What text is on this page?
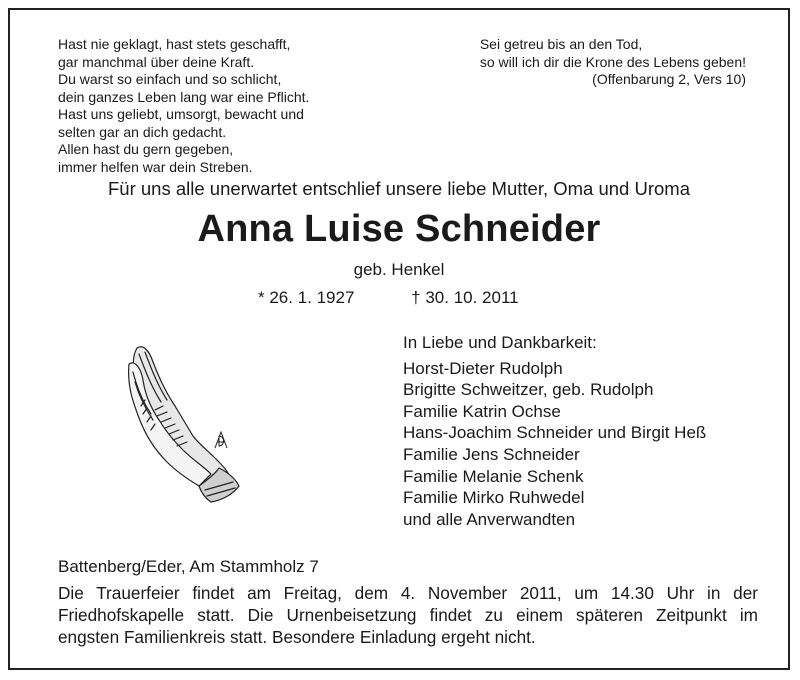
Hast nie geklagt, hast stets geschafft,
gar manchmal über deine Kraft.
Du warst so einfach und so schlicht,
dein ganzes Leben lang war eine Pflicht.
Hast uns geliebt, umsorgt, bewacht und
selten gar an dich gedacht.
Allen hast du gern gegeben,
immer helfen war dein Streben.
Sei getreu bis an den Tod,
so will ich dir die Krone des Lebens geben!
(Offenbarung 2, Vers 10)
Für uns alle unerwartet entschlief unsere liebe Mutter, Oma und Uroma
Anna Luise Schneider
geb. Henkel
* 26. 1. 1927	† 30. 10. 2011
In Liebe und Dankbarkeit:
Horst-Dieter Rudolph
Brigitte Schweitzer, geb. Rudolph
Familie Katrin Ochse
Hans-Joachim Schneider und Birgit Heß
Familie Jens Schneider
Familie Melanie Schenk
Familie Mirko Ruhwedel
und alle Anverwandten
Battenberg/Eder, Am Stammholz 7
Die Trauerfeier findet am Freitag, dem 4. November 2011, um 14.30 Uhr in der
Friedhofskapelle statt. Die Urnenbeisetzung findet zu einem späteren Zeitpunkt im
engsten Familienkreis statt. Besondere Einladung ergeht nicht.
